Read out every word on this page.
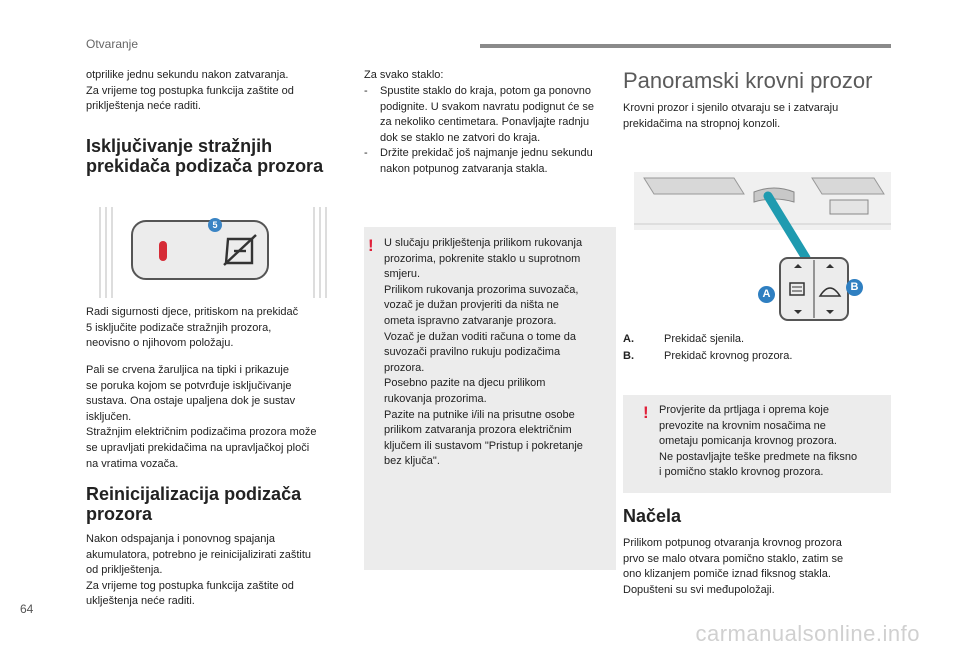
Otvaranje
otprilike jednu sekundu nakon zatvaranja.
Za vrijeme tog postupka funkcija zaštite od
priklještenja neće raditi.
Isključivanje stražnjih
prekidača podizača prozora
5
Radi sigurnosti djece, pritiskom na prekidač
5 isključite podizače stražnjih prozora,
neovisno o njihovom položaju.
Pali se crvena žaruljica na tipki i prikazuje
se poruka kojom se potvrđuje isključivanje
sustava. Ona ostaje upaljena dok je sustav
isključen.
Stražnjim električnim podizačima prozora može
se upravljati prekidačima na upravljačkoj ploči
na vratima vozača.
Reinicijalizacija podizača
prozora
Nakon odspajanja i ponovnog spajanja
akumulatora, potrebno je reinicijalizirati zaštitu
od priklještenja.
Za vrijeme tog postupka funkcija zaštite od
uklještenja neće raditi.
Za svako staklo:
-	Spustite staklo do kraja, potom ga ponovno
podignite. U svakom navratu podignut će se
za nekoliko centimetara. Ponavljajte radnju
dok se staklo ne zatvori do kraja.
-	Držite prekidač još najmanje jednu sekundu
nakon potpunog zatvaranja stakla.
! U slučaju priklještenja prilikom rukovanja
prozorima, pokrenite staklo u suprotnom
smjeru.
Prilikom rukovanja prozorima suvozača,
vozač je dužan provjeriti da ništa ne
ometa ispravno zatvaranje prozora.
Vozač je dužan voditi računa o tome da
suvozači pravilno rukuju podizačima
prozora.
Posebno pazite na djecu prilikom
rukovanja prozorima.
Pazite na putnike i/ili na prisutne osobe
prilikom zatvaranja prozora električnim
ključem ili sustavom "Pristup i pokretanje
bez ključa".
Panoramski krovni prozor
Krovni prozor i sjenilo otvaraju se i zatvaraju
prekidačima na stropnoj konzoli.
A
B
A.	Prekidač sjenila.
B.	Prekidač krovnog prozora.
! Provjerite da prtljaga i oprema koje
prevozite na krovnim nosačima ne
ometaju pomicanja krovnog prozora.
Ne postavljajte teške predmete na fiksno
i pomično staklo krovnog prozora.
Načela
Prilikom potpunog otvaranja krovnog prozora
prvo se malo otvara pomično staklo, zatim se
ono klizanjem pomiče iznad fiksnog stakla.
Dopušteni su svi međupoložaji.
64
carmanualsonline.info
